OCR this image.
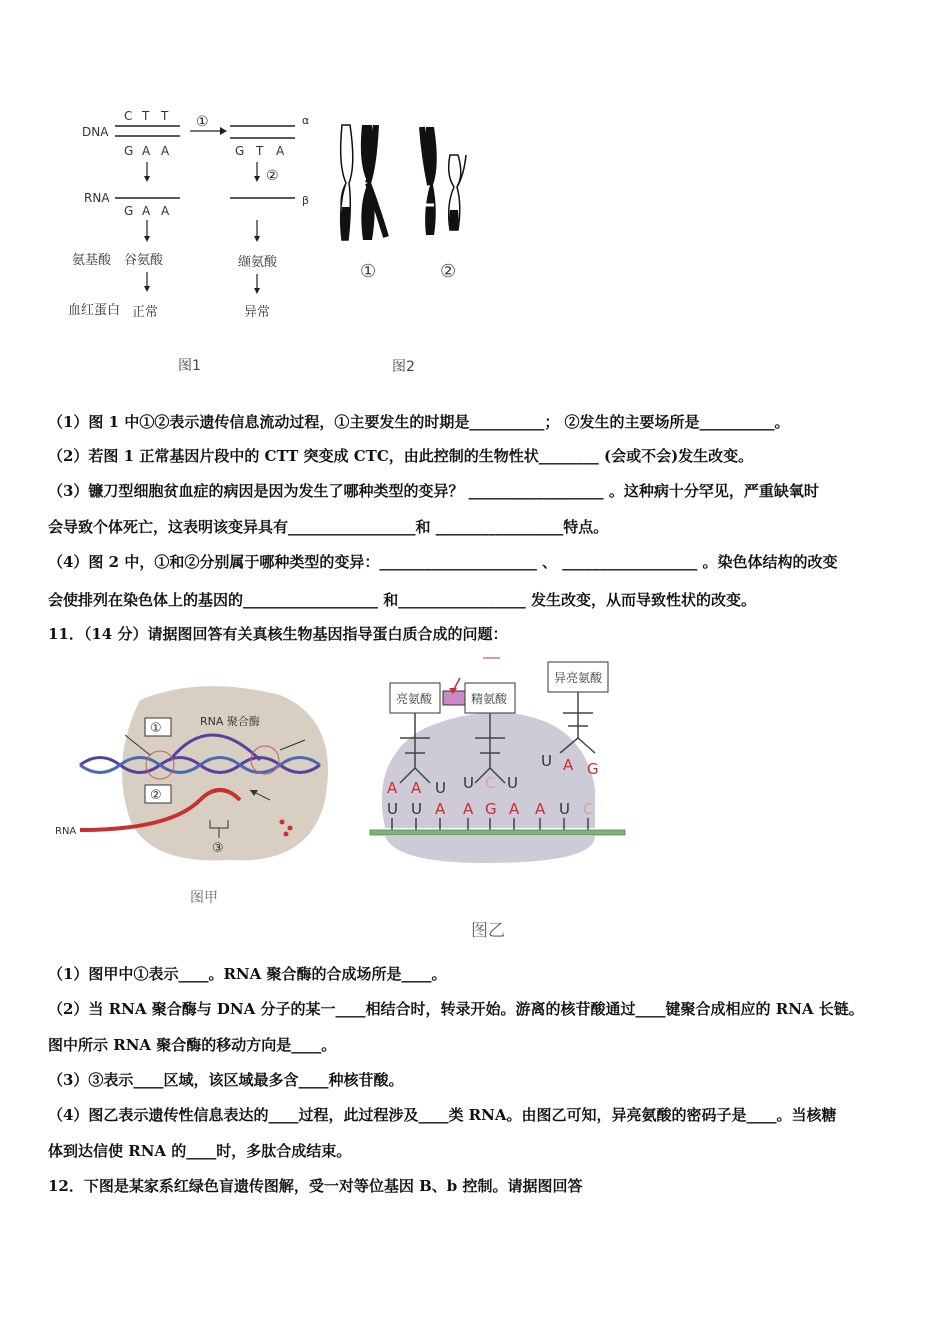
DNA
C T T
G A A
①	α
G T A
②
RNA
G A A
β
氨基酸 谷氨酸	缬氨酸
血红蛋白 正常	异常
图1
①	②
图2
（1）图 1 中①②表示遗传信息流动过程，①主要发生的时期是__________； ②发生的主要场所是__________。
（2）若图 1 正常基因片段中的 CTT 突变成 CTC，由此控制的生物性状________ (会或不会)发生改变。
（3）镰刀型细胞贫血症的病因是因为发生了哪种类型的变异？ __________________ 。这种病十分罕见，严重缺氧时
会导致个体死亡，这表明该变异具有_________________和 _________________特点。
（4）图 2 中，①和②分别属于哪种类型的变异：_____________________ 、 __________________ 。染色体结构的改变
会使排列在染色体上的基因的__________________ 和_________________ 发生改变，从而导致性状的改变。
11．（14 分）请据图回答有关真核生物基因指导蛋白质合成的问题：
①
②
RNA 聚合酶
RNA
③
图甲
亮氨酸	精氨酸
异亮氨酸
A A U U C U
U A G
U U A A G A A U C
图乙
（1）图甲中①表示____。RNA 聚合酶的合成场所是____。
（2）当 RNA 聚合酶与 DNA 分子的某一____相结合时，转录开始。游离的核苷酸通过____键聚合成相应的 RNA 长链。
图中所示 RNA 聚合酶的移动方向是____。
（3）③表示____区域，该区域最多含____种核苷酸。
（4）图乙表示遗传性信息表达的____过程，此过程涉及____类 RNA。由图乙可知，异亮氨酸的密码子是____。当核糖
体到达信使 RNA 的____时，多肽合成结束。
12．下图是某家系红绿色盲遗传图解，受一对等位基因 B、b 控制。请据图回答
